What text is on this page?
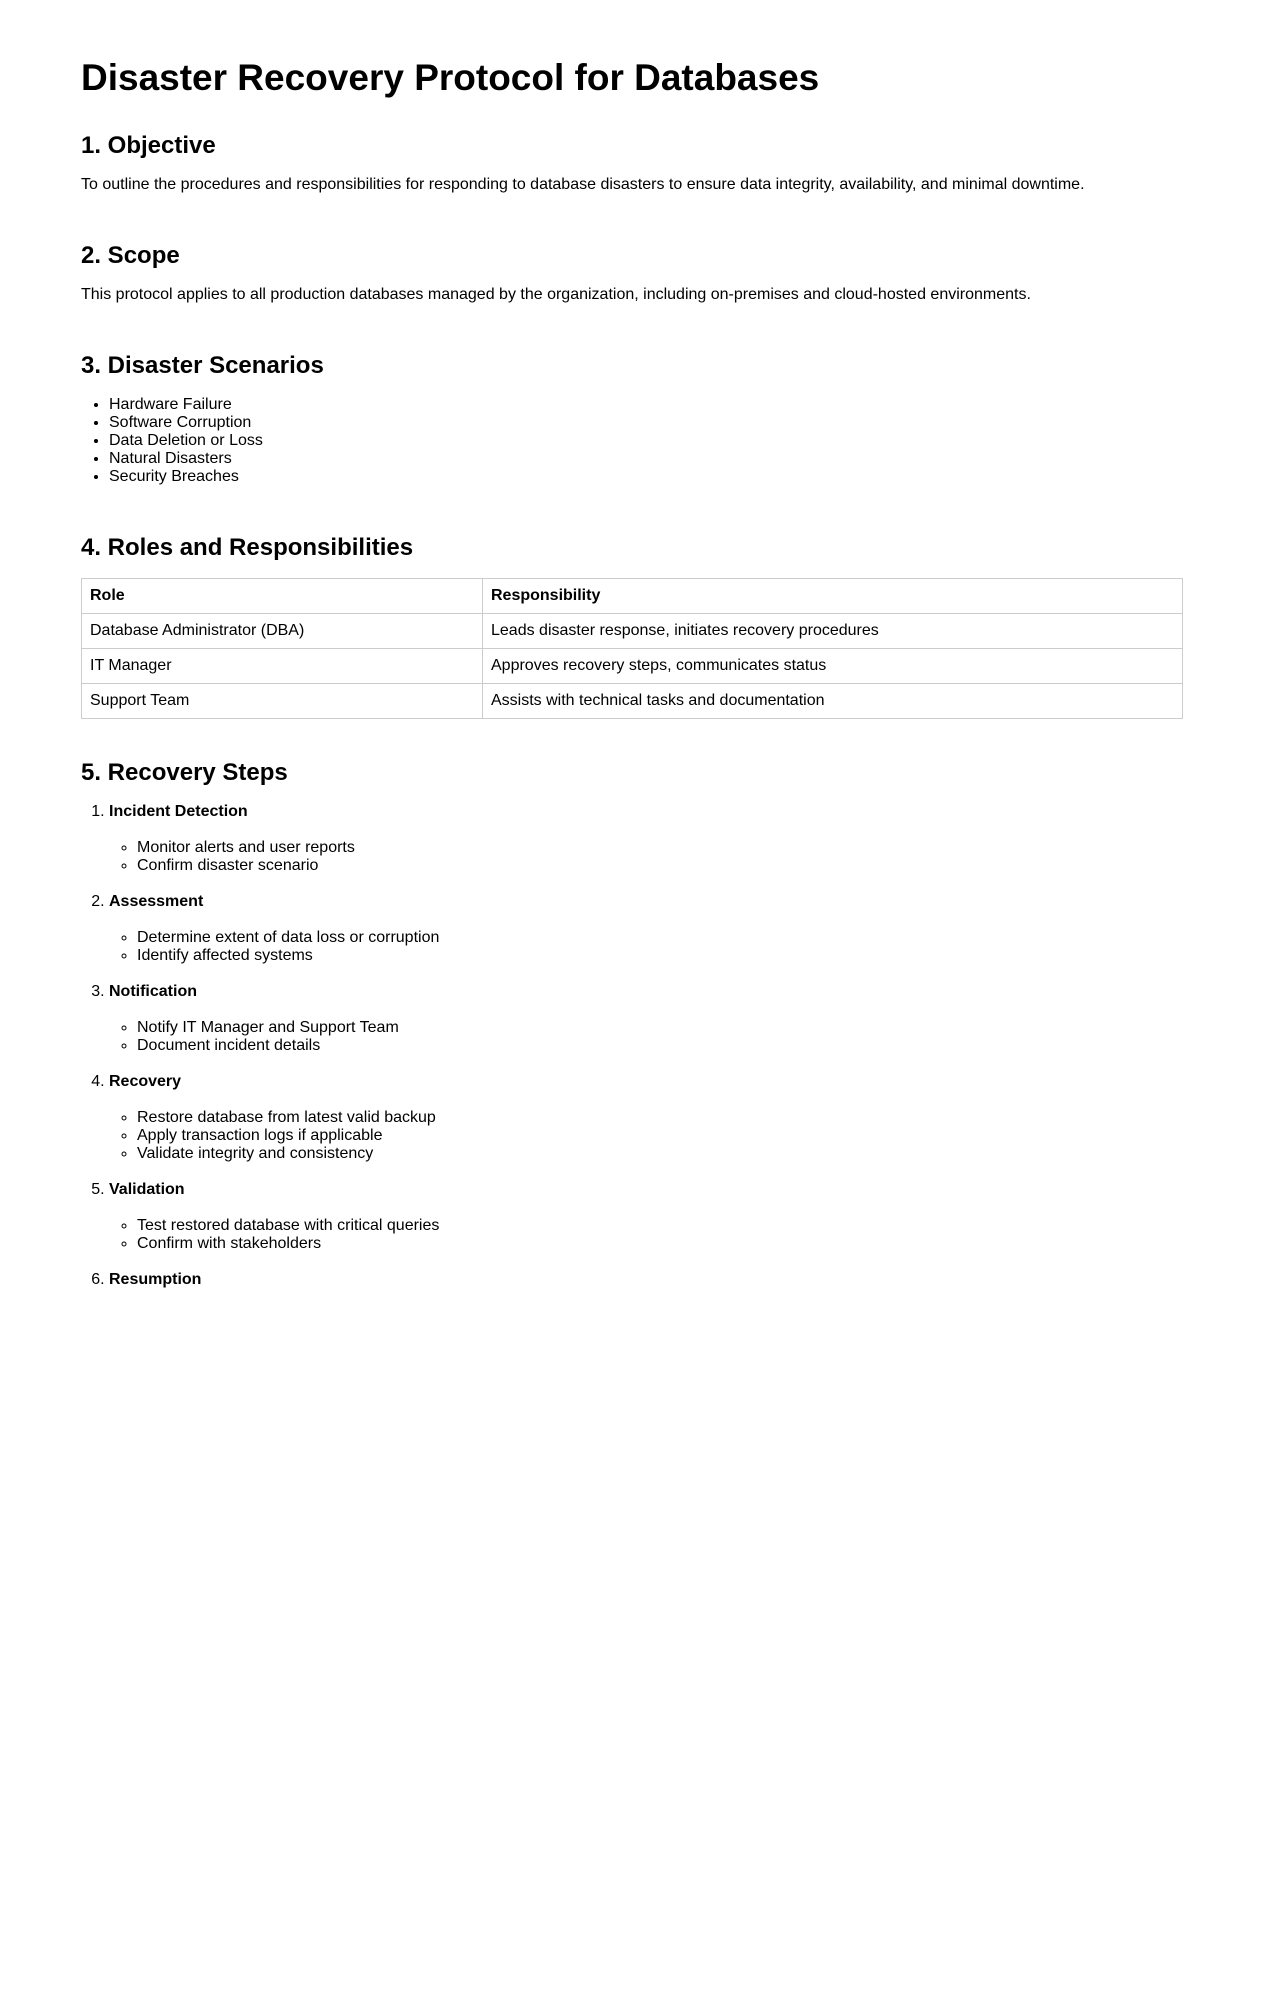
Disaster Recovery Protocol for Databases
1. Objective

To outline the procedures and responsibilities for responding to database disasters to ensure data integrity, availability, and minimal downtime.

2. Scope

This protocol applies to all production databases managed by the organization, including on-premises and cloud-hosted environments.

3. Disaster Scenarios
• Hardware Failure
• Software Corruption
• Data Deletion or Loss
• Natural Disasters
• Security Breaches
4. Roles and Responsibilities
Role	Responsibility
Database Administrator (DBA)	Leads disaster response, initiates recovery procedures
IT Manager	Approves recovery steps, communicates status
Support Team	Assists with technical tasks and documentation
5. Recovery Steps
1. Incident Detection
◦ Monitor alerts and user reports
◦ Confirm disaster scenario
2. Assessment
◦ Determine extent of data loss or corruption
◦ Identify affected systems
3. Notification
◦ Notify IT Manager and Support Team
◦ Document incident details
4. Recovery
◦ Restore database from latest valid backup
◦ Apply transaction logs if applicable
◦ Validate integrity and consistency
5. Validation
◦ Test restored database with critical queries
◦ Confirm with stakeholders
6. Resumption
